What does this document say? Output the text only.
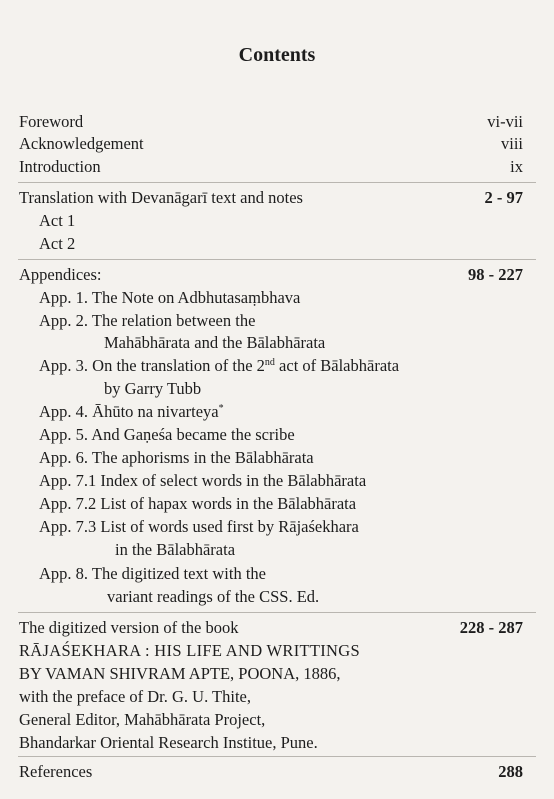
Contents
Foreword	vi-vii
Acknowledgement	viii
Introduction	ix
Translation with Devanāgarī text and notes	2 - 97
Act 1
Act 2
Appendices:	98 - 227
App. 1. The Note on Adbhutasaṃbhava
App. 2. The relation between the
Mahābhārata and the Bālabhārata
App. 3. On the translation of the 2nd act of Bālabhārata
by Garry Tubb
App. 4. Āhūto na nivarteya*
App. 5. And Gaṇeśa became the scribe
App. 6. The aphorisms in the Bālabhārata
App. 7.1 Index of select words in the Bālabhārata
App. 7.2 List of hapax words in the Bālabhārata
App. 7.3 List of words used first by Rājaśekhara
in the Bālabhārata
App. 8. The digitized text with the
variant readings of the CSS. Ed.
The digitized version of the book	228 - 287
RĀJAŚEKHARA : HIS LIFE AND WRITTINGS
BY VAMAN SHIVRAM APTE, POONA, 1886,
with the preface of Dr. G. U. Thite,
General Editor, Mahābhārata Project,
Bhandarkar Oriental Research Institue, Pune.
References	288
